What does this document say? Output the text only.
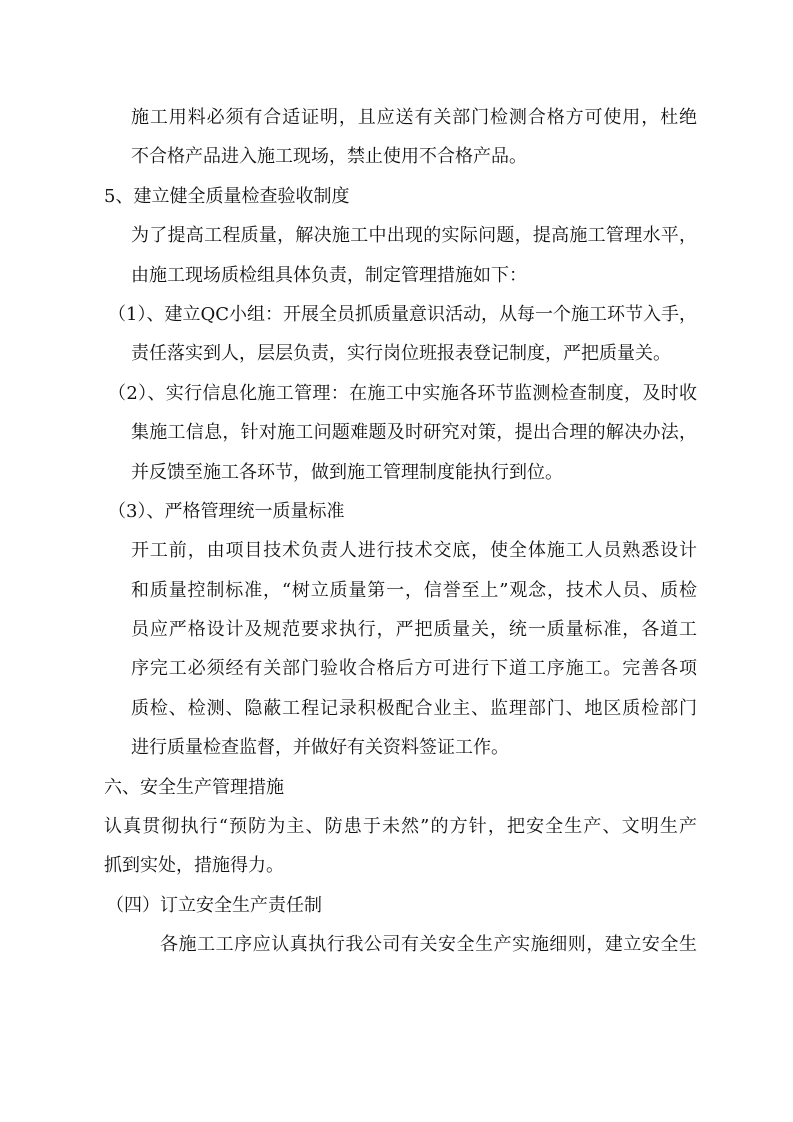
施工用料必须有合适证明，且应送有关部门检测合格方可使用，杜绝
不合格产品进入施工现场，禁止使用不合格产品。
5、建立健全质量检查验收制度
为了提高工程质量，解决施工中出现的实际问题，提高施工管理水平，
由施工现场质检组具体负责，制定管理措施如下：
（1）、建立QC小组：开展全员抓质量意识活动，从每一个施工环节入手，
责任落实到人，层层负责，实行岗位班报表登记制度，严把质量关。
（2）、实行信息化施工管理：在施工中实施各环节监测检查制度，及时收
集施工信息，针对施工问题难题及时研究对策，提出合理的解决办法，
并反馈至施工各环节，做到施工管理制度能执行到位。
（3）、严格管理统一质量标准
开工前，由项目技术负责人进行技术交底，使全体施工人员熟悉设计
和质量控制标准，“树立质量第一，信誉至上”观念，技术人员、质检
员应严格设计及规范要求执行，严把质量关，统一质量标准，各道工
序完工必须经有关部门验收合格后方可进行下道工序施工。完善各项
质检、检测、隐蔽工程记录积极配合业主、监理部门、地区质检部门
进行质量检查监督，并做好有关资料签证工作。
六、安全生产管理措施
认真贯彻执行“预防为主、防患于未然”的方针，把安全生产、文明生产
抓到实处，措施得力。
（四）订立安全生产责任制
各施工工序应认真执行我公司有关安全生产实施细则，建立安全生
